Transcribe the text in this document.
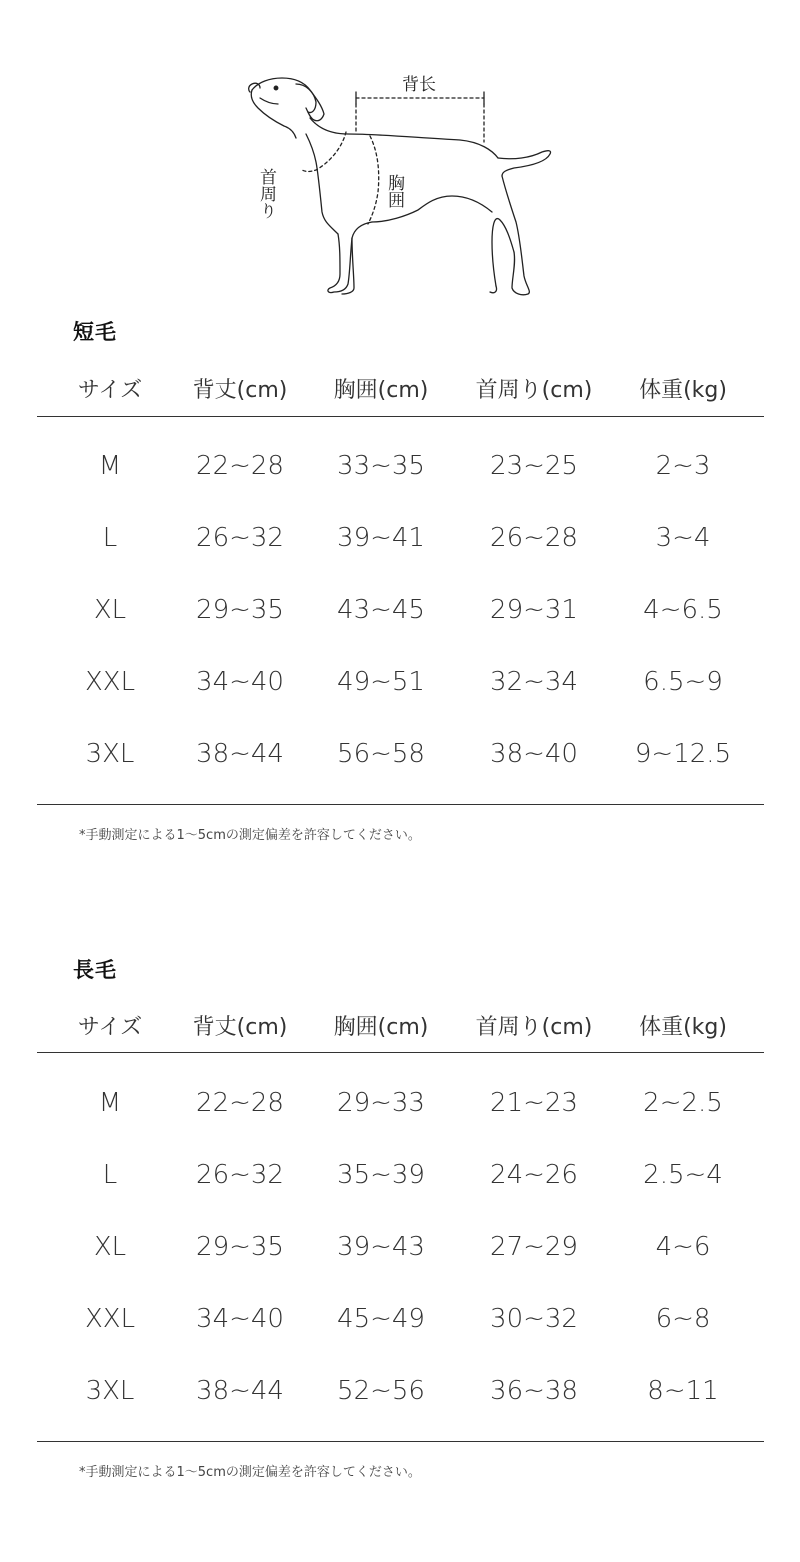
背长
首周り	胸囲
短毛
サイズ 背丈(cm) 胸囲(cm) 首周り(cm) 体重(kg)
M	22~28 33~35	23~25	2~3
L	26~32 39~41	26~28	3~4
XL	29~35 43~45	29~31	4~6.5
XXL 34~40 49~51	32~34	6.5~9
3XL 38~44 56~58	38~40 9~12.5
*手動測定による1〜5cmの測定偏差を許容してください。
長毛
サイズ 背丈(cm) 胸囲(cm) 首周り(cm) 体重(kg)
M	22~28 29~33	21~23	2~2.5
L	26~32 35~39	24~26	2.5~4
XL	29~35 39~43	27~29	4~6
XXL 34~40 45~49	30~32	6~8
3XL 38~44 52~56	36~38	8~11
*手動測定による1〜5cmの測定偏差を許容してください。
